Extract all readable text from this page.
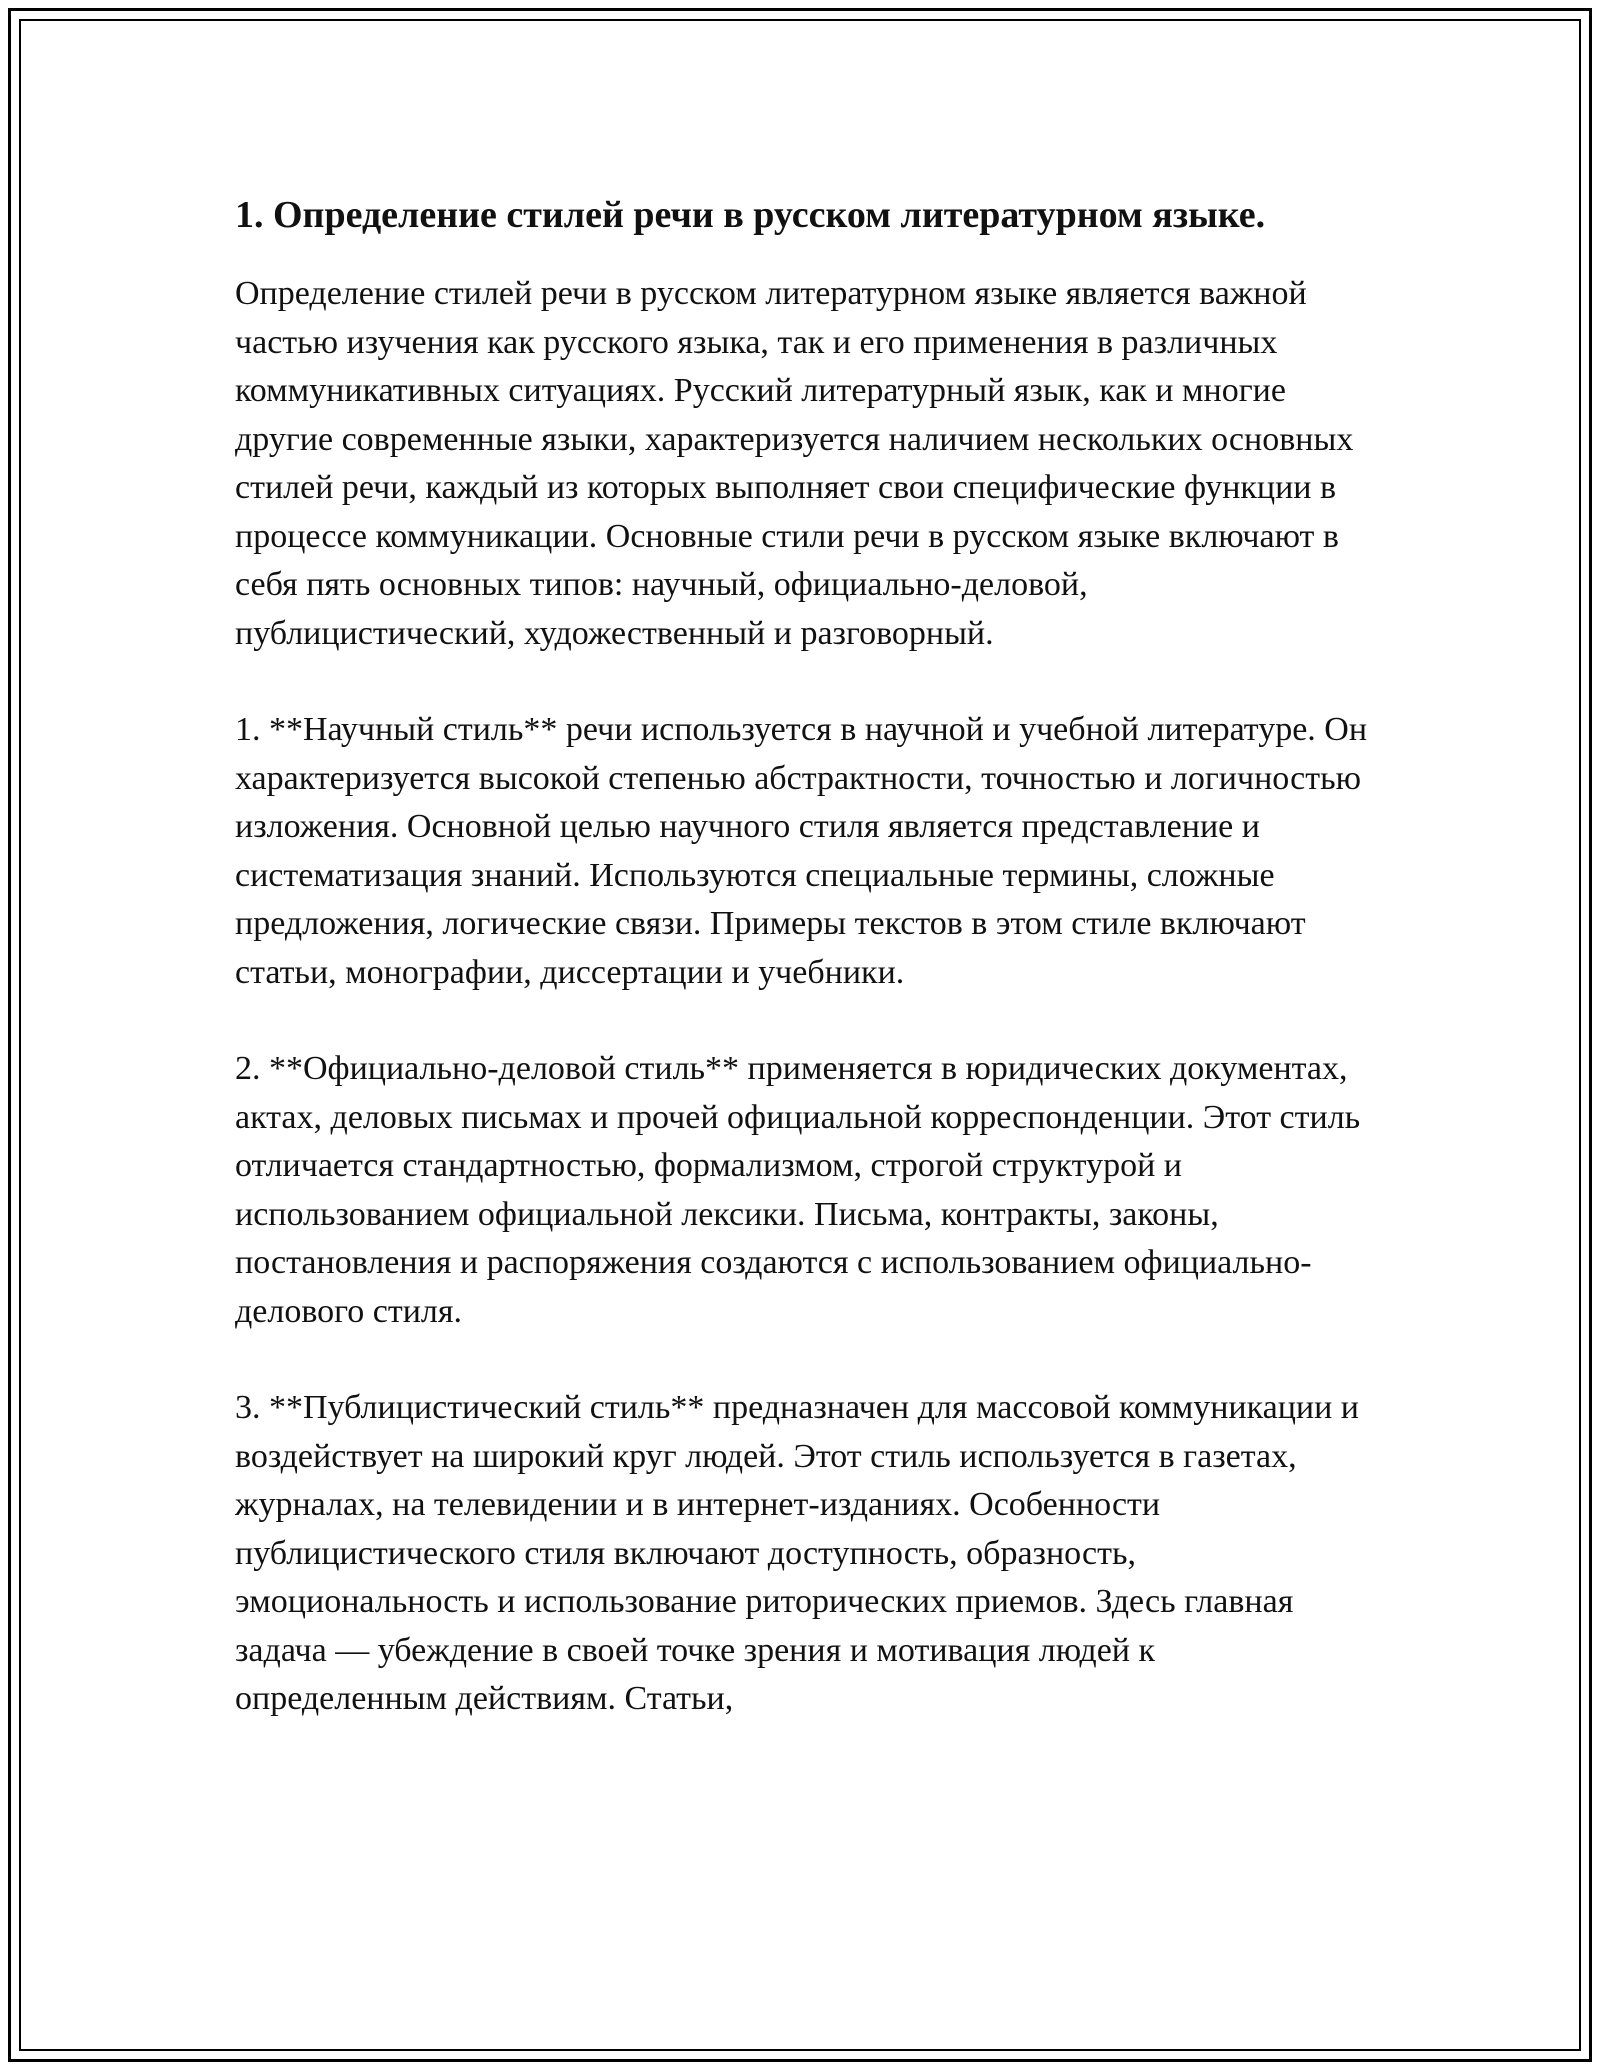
1. Определение стилей речи в русском литературном языке.

Определение стилей речи в русском литературном языке является важной частью изучения как русского языка, так и его применения в различных коммуникативных ситуациях. Русский литературный язык, как и многие другие современные языки, характеризуется наличием нескольких основных стилей речи, каждый из которых выполняет свои специфические функции в процессе коммуникации. Основные стили речи в русском языке включают в себя пять основных типов: научный, официально-деловой, публицистический, художественный и разговорный.

1. **Научный стиль** речи используется в научной и учебной литературе. Он характеризуется высокой степенью абстрактности, точностью и логичностью изложения. Основной целью научного стиля является представление и систематизация знаний. Используются специальные термины, сложные предложения, логические связи. Примеры текстов в этом стиле включают статьи, монографии, диссертации и учебники.

2. **Официально-деловой стиль** применяется в юридических документах, актах, деловых письмах и прочей официальной корреспонденции. Этот стиль отличается стандартностью, формализмом, строгой структурой и использованием официальной лексики. Письма, контракты, законы, постановления и распоряжения создаются с использованием официально-делового стиля.

3. **Публицистический стиль** предназначен для массовой коммуникации и воздействует на широкий круг людей. Этот стиль используется в газетах, журналах, на телевидении и в интернет-изданиях. Особенности публицистического стиля включают доступность, образность, эмоциональность и использование риторических приемов. Здесь главная задача — убеждение в своей точке зрения и мотивация людей к определенным действиям. Статьи,
